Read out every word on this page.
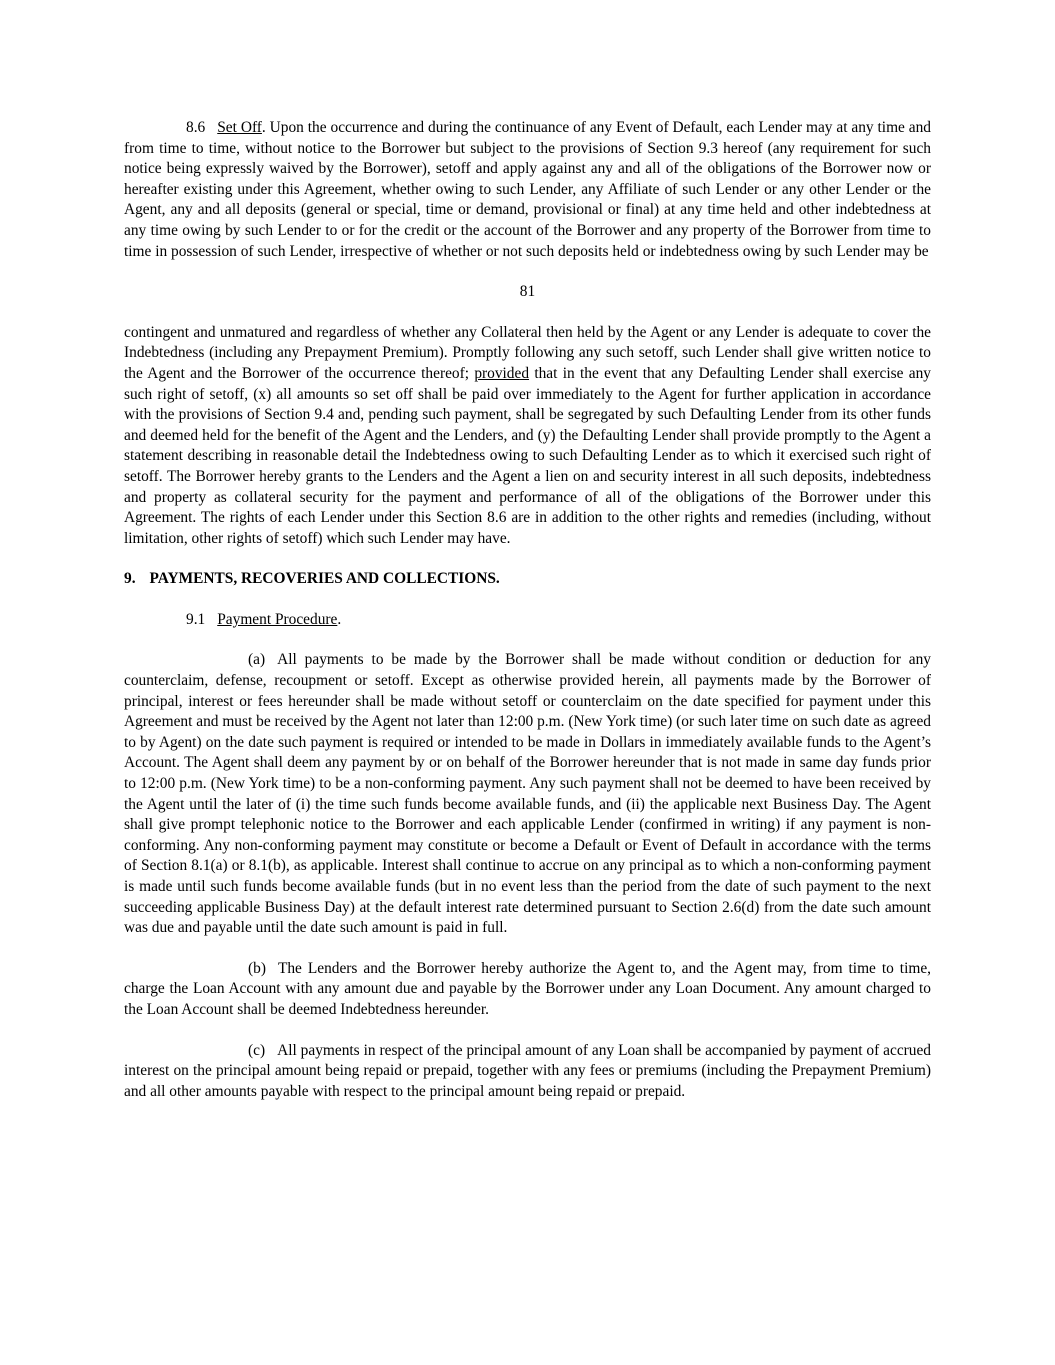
8.6 Set Off. Upon the occurrence and during the continuance of any Event of Default, each Lender may at any time and from time to time, without notice to the Borrower but subject to the provisions of Section 9.3 hereof (any requirement for such notice being expressly waived by the Borrower), setoff and apply against any and all of the obligations of the Borrower now or hereafter existing under this Agreement, whether owing to such Lender, any Affiliate of such Lender or any other Lender or the Agent, any and all deposits (general or special, time or demand, provisional or final) at any time held and other indebtedness at any time owing by such Lender to or for the credit or the account of the Borrower and any property of the Borrower from time to time in possession of such Lender, irrespective of whether or not such deposits held or indebtedness owing by such Lender may be

81

contingent and unmatured and regardless of whether any Collateral then held by the Agent or any Lender is adequate to cover the Indebtedness (including any Prepayment Premium). Promptly following any such setoff, such Lender shall give written notice to the Agent and the Borrower of the occurrence thereof; provided that in the event that any Defaulting Lender shall exercise any such right of setoff, (x) all amounts so set off shall be paid over immediately to the Agent for further application in accordance with the provisions of Section 9.4 and, pending such payment, shall be segregated by such Defaulting Lender from its other funds and deemed held for the benefit of the Agent and the Lenders, and (y) the Defaulting Lender shall provide promptly to the Agent a statement describing in reasonable detail the Indebtedness owing to such Defaulting Lender as to which it exercised such right of setoff. The Borrower hereby grants to the Lenders and the Agent a lien on and security interest in all such deposits, indebtedness and property as collateral security for the payment and performance of all of the obligations of the Borrower under this Agreement. The rights of each Lender under this Section 8.6 are in addition to the other rights and remedies (including, without limitation, other rights of setoff) which such Lender may have.

9. PAYMENTS, RECOVERIES AND COLLECTIONS.

9.1 Payment Procedure.

(a) All payments to be made by the Borrower shall be made without condition or deduction for any counterclaim, defense, recoupment or setoff. Except as otherwise provided herein, all payments made by the Borrower of principal, interest or fees hereunder shall be made without setoff or counterclaim on the date specified for payment under this Agreement and must be received by the Agent not later than 12:00 p.m. (New York time) (or such later time on such date as agreed to by Agent) on the date such payment is required or intended to be made in Dollars in immediately available funds to the Agent’s Account. The Agent shall deem any payment by or on behalf of the Borrower hereunder that is not made in same day funds prior to 12:00 p.m. (New York time) to be a non-conforming payment. Any such payment shall not be deemed to have been received by the Agent until the later of (i) the time such funds become available funds, and (ii) the applicable next Business Day. The Agent shall give prompt telephonic notice to the Borrower and each applicable Lender (confirmed in writing) if any payment is non-conforming. Any non-conforming payment may constitute or become a Default or Event of Default in accordance with the terms of Section 8.1(a) or 8.1(b), as applicable. Interest shall continue to accrue on any principal as to which a non-conforming payment is made until such funds become available funds (but in no event less than the period from the date of such payment to the next succeeding applicable Business Day) at the default interest rate determined pursuant to Section 2.6(d) from the date such amount was due and payable until the date such amount is paid in full.

(b) The Lenders and the Borrower hereby authorize the Agent to, and the Agent may, from time to time, charge the Loan Account with any amount due and payable by the Borrower under any Loan Document. Any amount charged to the Loan Account shall be deemed Indebtedness hereunder.

(c) All payments in respect of the principal amount of any Loan shall be accompanied by payment of accrued interest on the principal amount being repaid or prepaid, together with any fees or premiums (including the Prepayment Premium) and all other amounts payable with respect to the principal amount being repaid or prepaid.
